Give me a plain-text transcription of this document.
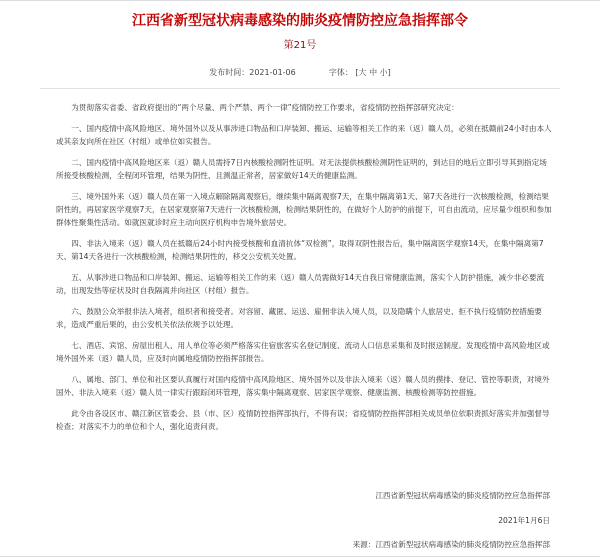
江西省新型冠状病毒感染的肺炎疫情防控应急指挥部令
第21号
发布时间：2021-01-06	字体： [大 中 小]

为贯彻落实省委、省政府提出的“两个尽量、两个严禁、两个一律”疫情防控工作要求，省疫情防控指挥部研究决定：

一、国内疫情中高风险地区、境外国外以及从事涉进口物品和口岸装卸、搬运、运输等相关工作的来（返）赣人员，必须在抵赣前24小时由本人或其亲友向所在社区（村组）或单位如实报告。

二、国内疫情中高风险地区来（返）赣人员需持7日内核酸检测阴性证明。对无法提供核酸检测阴性证明的，到达目的地后立即引导其到指定场所接受核酸检测，全程闭环管理，结果为阴性、且测温正常者，居家做好14天的健康监测。

三、境外国外来（返）赣人员在第一入境点解除隔离观察后，继续集中隔离观察7天，在集中隔离第1天、第7天各进行一次核酸检测，检测结果阴性的，再居家医学观察7天，在居家观察第7天进行一次核酸检测，检测结果阴性的，在做好个人防护的前提下，可自由流动，应尽量少组织和参加群体性聚集性活动。如就医就诊时应主动向医疗机构申告境外旅居史。

四、非法入境来（返）赣人员在抵赣后24小时内接受核酸和血清抗体“双检测”，取得双阴性报告后，集中隔离医学观察14天，在集中隔离第7天、第14天各进行一次核酸检测，检测结果阴性的，移交公安机关处置。

五、从事涉进口物品和口岸装卸、搬运、运输等相关工作的来（返）赣人员需做好14天自我日常健康监测，落实个人防护措施，减少非必要流动，出现发热等症状及时自我隔离并向社区（村组）报告。

六、鼓励公众举报非法入境者，组织者和接受者。对容留、藏匿、运送、雇佣非法入境人员，以及隐瞒个人旅居史、拒不执行疫情防控措施要求，造成严重后果的，由公安机关依法依规予以处理。

七、酒店、宾馆、房屋出租人、用人单位等必须严格落实住宿旅客实名登记制度、流动人口信息采集和及时报送制度。发现疫情中高风险地区或境外国外来（返）赣人员，应及时向属地疫情防控指挥部报告。

八、属地、部门、单位和社区要认真履行对国内疫情中高风险地区、境外国外以及非法入境来（返）赣人员的摸排、登记、管控等职责，对境外国外、非法入境来（返）赣人员一律实行跟踪闭环管理，落实集中隔离观察、居家医学观察、健康监测、核酸检测等防控措施。

此令由各设区市、赣江新区管委会、县（市、区）疫情防控指挥部执行，不得有误；省疫情防控指挥部相关成员单位依职责抓好落实并加强督导检查；对落实不力的单位和个人，强化追责问责。

江西省新型冠状病毒感染的肺炎疫情防控应急指挥部
2021年1月6日
来源：江西省新型冠状病毒感染的肺炎疫情防控应急指挥部
